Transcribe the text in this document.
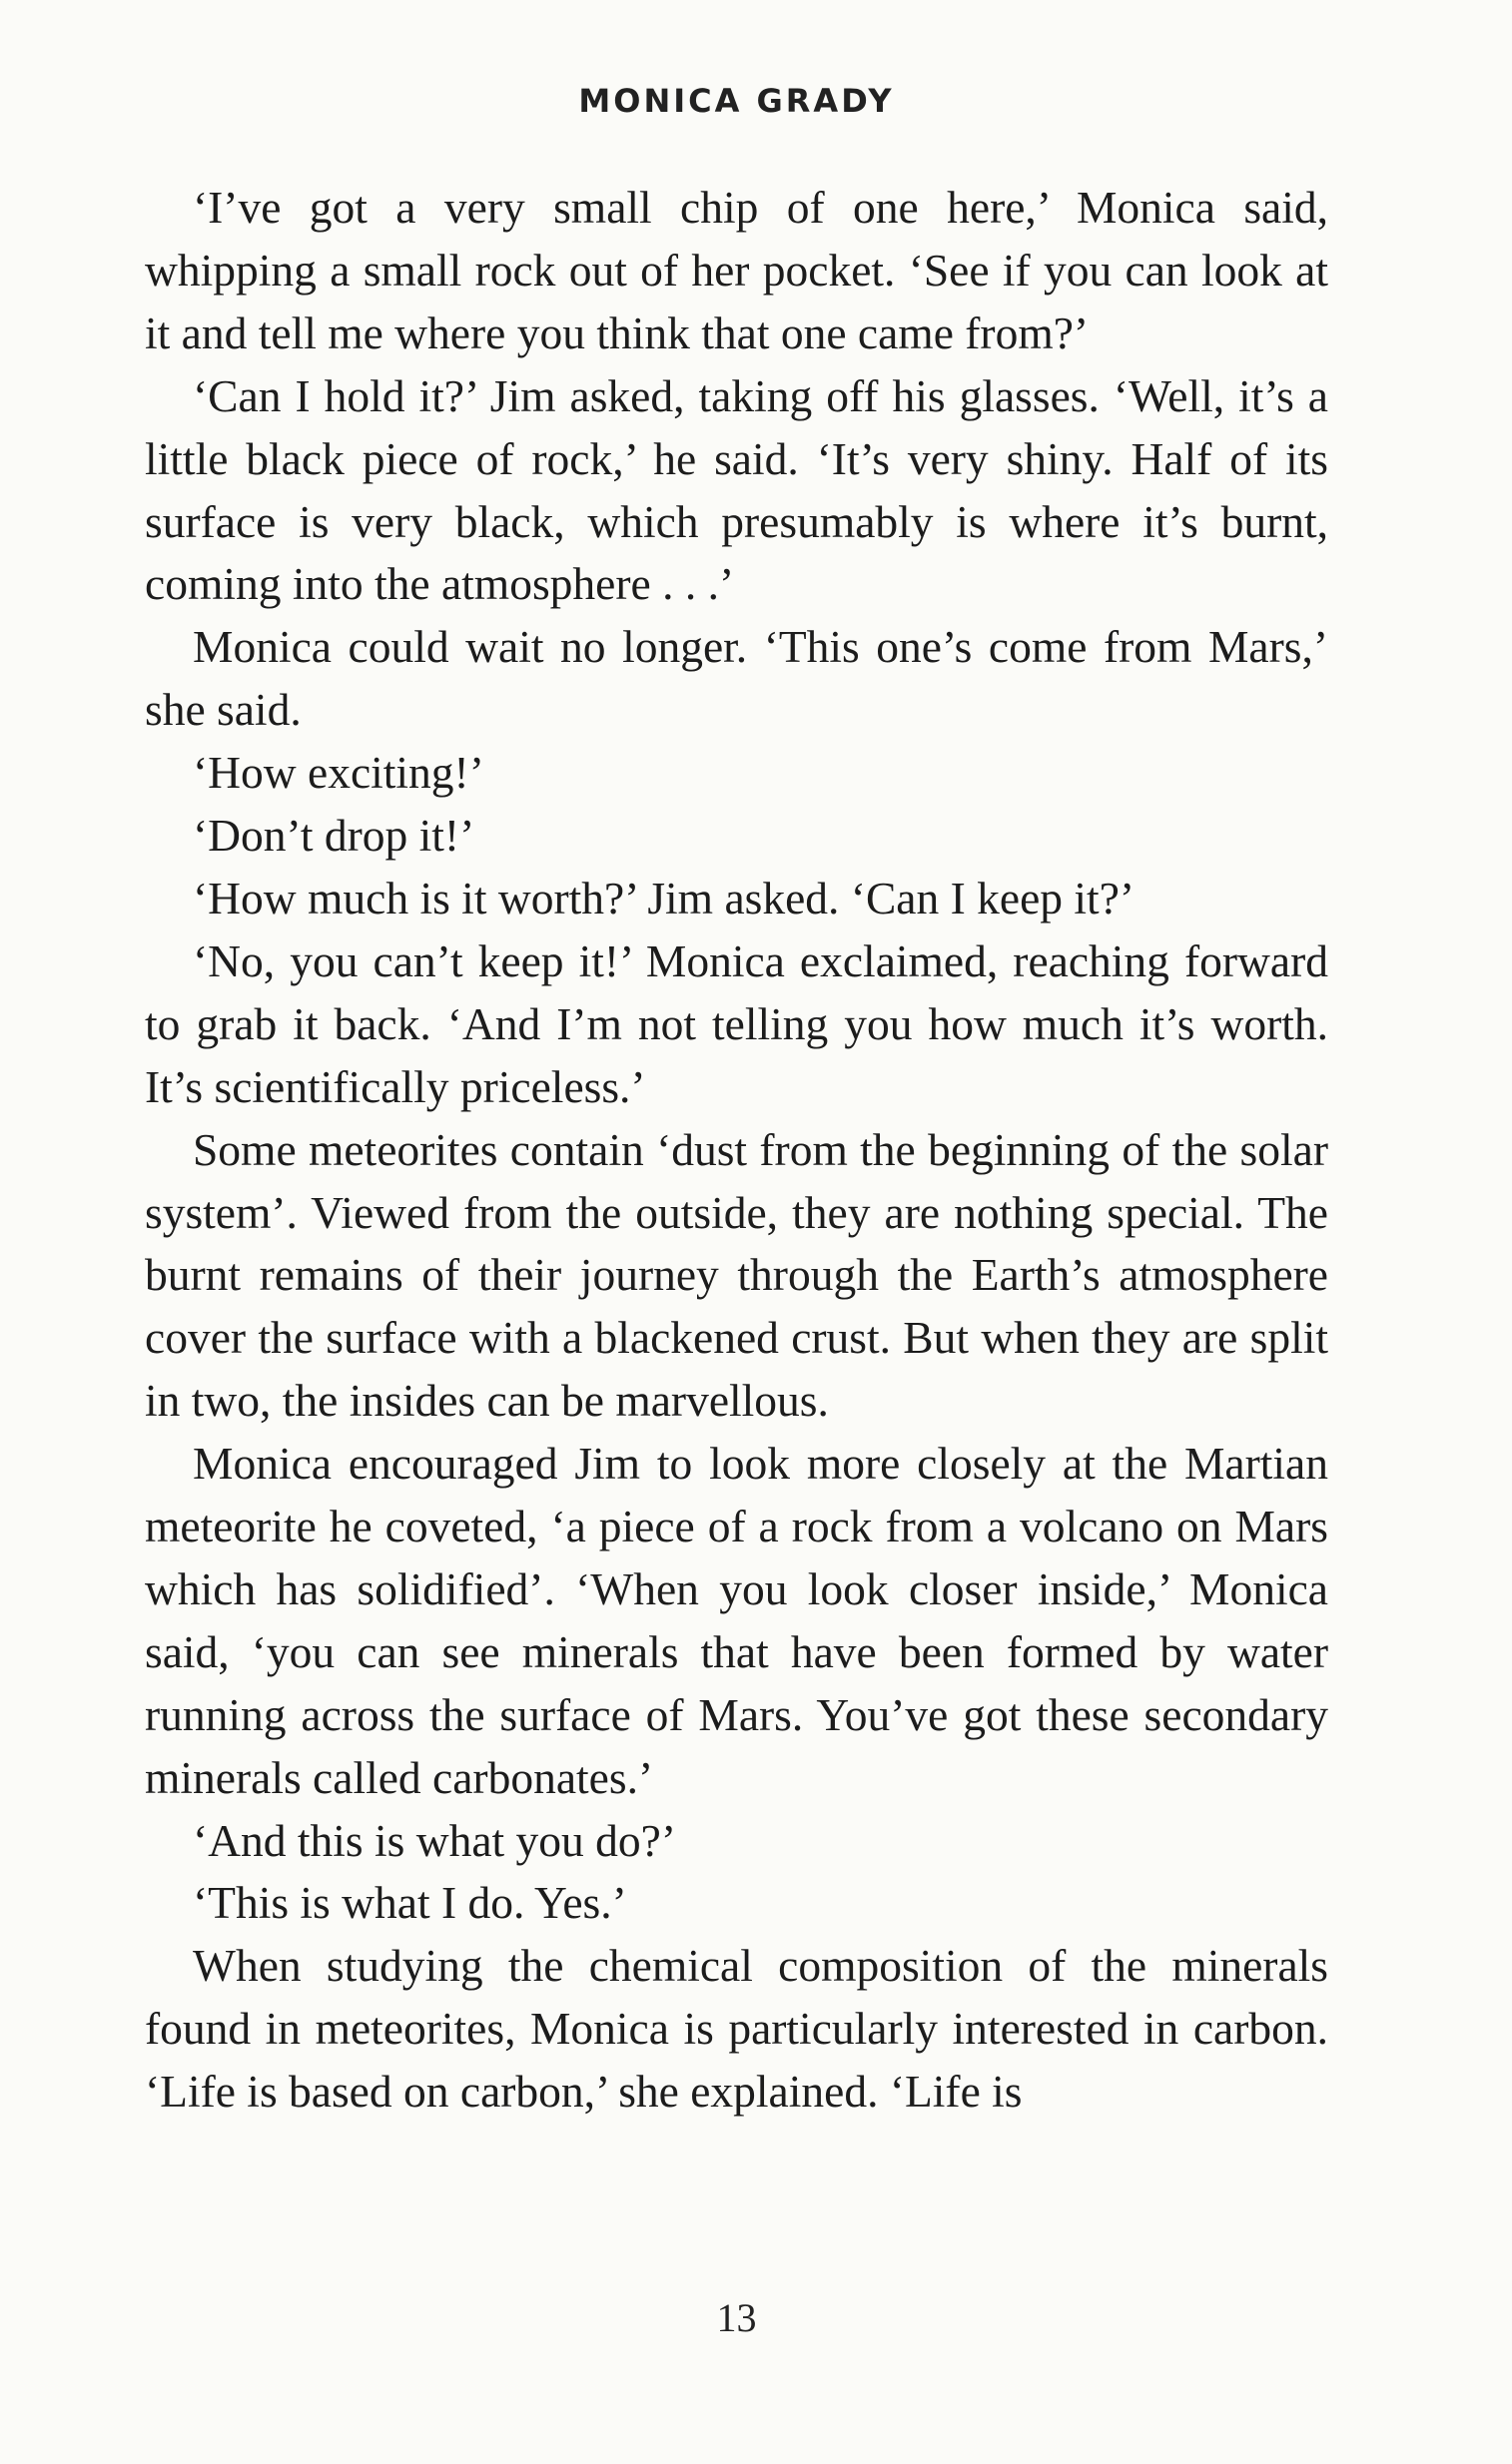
MONICA GRADY

‘I’ve got a very small chip of one here,’ Monica said, whipping a small rock out of her pocket. ‘See if you can look at it and tell me where you think that one came from?’

‘Can I hold it?’ Jim asked, taking off his glasses. ‘Well, it’s a little black piece of rock,’ he said. ‘It’s very shiny. Half of its surface is very black, which presumably is where it’s burnt, coming into the atmosphere . . .’

Monica could wait no longer. ‘This one’s come from Mars,’ she said.

‘How exciting!’

‘Don’t drop it!’

‘How much is it worth?’ Jim asked. ‘Can I keep it?’

‘No, you can’t keep it!’ Monica exclaimed, reaching forward to grab it back. ‘And I’m not telling you how much it’s worth. It’s scientifically priceless.’

Some meteorites contain ‘dust from the beginning of the solar system’. Viewed from the outside, they are nothing special. The burnt remains of their journey through the Earth’s atmosphere cover the surface with a blackened crust. But when they are split in two, the insides can be marvellous.

Monica encouraged Jim to look more closely at the Martian meteorite he coveted, ‘a piece of a rock from a volcano on Mars which has solidified’. ‘When you look closer inside,’ Monica said, ‘you can see minerals that have been formed by water running across the surface of Mars. You’ve got these secondary minerals called carbonates.’

‘And this is what you do?’

‘This is what I do. Yes.’

When studying the chemical composition of the minerals found in meteorites, Monica is particularly interested in carbon. ‘Life is based on carbon,’ she explained. ‘Life is

13
